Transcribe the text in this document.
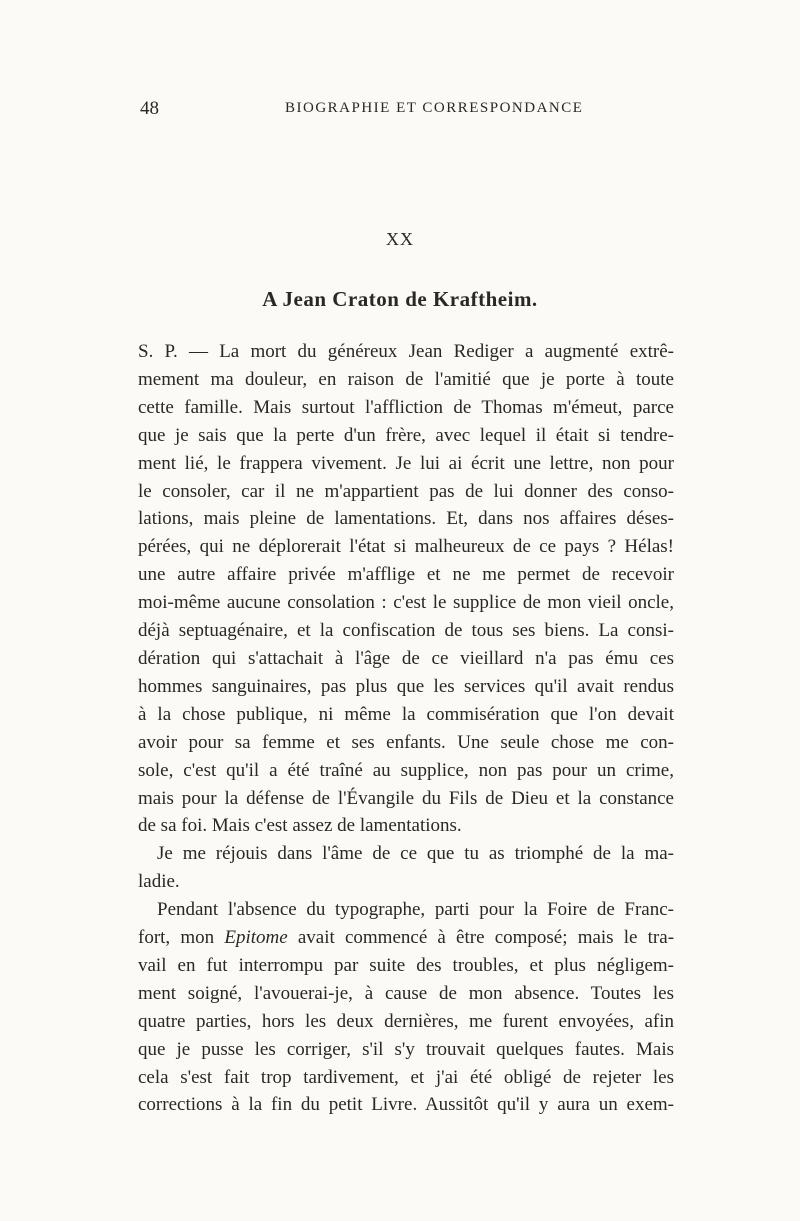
48	BIOGRAPHIE ET CORRESPONDANCE
XX
A Jean Craton de Kraftheim.
S. P. — La mort du généreux Jean Rediger a augmenté extrê-
mement ma douleur, en raison de l'amitié que je porte à toute
cette famille. Mais surtout l'affliction de Thomas m'émeut, parce
que je sais que la perte d'un frère, avec lequel il était si tendre-
ment lié, le frappera vivement. Je lui ai écrit une lettre, non pour
le consoler, car il ne m'appartient pas de lui donner des conso-
lations, mais pleine de lamentations. Et, dans nos affaires déses-
pérées, qui ne déplorerait l'état si malheureux de ce pays ? Hélas!
une autre affaire privée m'afflige et ne me permet de recevoir
moi-même aucune consolation : c'est le supplice de mon vieil oncle,
déjà septuagénaire, et la confiscation de tous ses biens. La consi-
dération qui s'attachait à l'âge de ce vieillard n'a pas ému ces
hommes sanguinaires, pas plus que les services qu'il avait rendus
à la chose publique, ni même la commisération que l'on devait
avoir pour sa femme et ses enfants. Une seule chose me con-
sole, c'est qu'il a été traîné au supplice, non pas pour un crime,
mais pour la défense de l'Évangile du Fils de Dieu et la constance
de sa foi. Mais c'est assez de lamentations.
Je me réjouis dans l'âme de ce que tu as triomphé de la ma-
ladie.
Pendant l'absence du typographe, parti pour la Foire de Franc-
fort, mon Epitome avait commencé à être composé; mais le tra-
vail en fut interrompu par suite des troubles, et plus négligem-
ment soigné, l'avouerai-je, à cause de mon absence. Toutes les
quatre parties, hors les deux dernières, me furent envoyées, afin
que je pusse les corriger, s'il s'y trouvait quelques fautes. Mais
cela s'est fait trop tardivement, et j'ai été obligé de rejeter les
corrections à la fin du petit Livre. Aussitôt qu'il y aura un exem-
